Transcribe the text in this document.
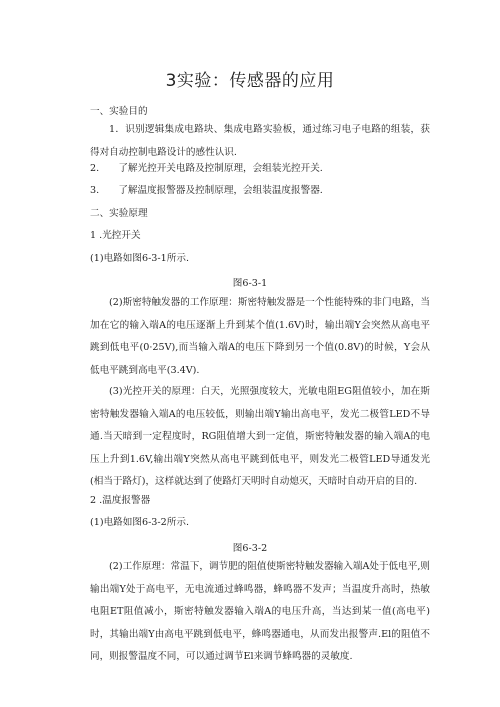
3实验：传感器的应用
一、实验目的
1．识别逻辑集成电路块、集成电路实验板，通过练习电子电路的组装，获得对自动控制电路设计的感性认识.
2.　　了解光控开关电路及控制原理，会组装光控开关.
3.　　了解温度报警器及控制原理，会组装温度报警器.
二、实验原理
1 .光控开关
(1)电路如图6-3-1所示.
图6-3-1
(2)斯密特触发器的工作原理：斯密特触发器是一个性能特殊的非门电路，当加在它的输入端A的电压逐渐上升到某个值(1.6V)时，输出端Y会突然从高电平跳到低电平(0·25V),而当输入端A的电压下降到另一个值(0.8V)的时候，Y会从低电平跳到高电平(3.4V).
(3)光控开关的原理：白天，光照强度较大，光敏电阻EG阻值较小，加在斯密特触发器输入端A的电压较低，则输出端Y输出高电平，发光二极管LED不导通.当天暗到一定程度时，RG阻值增大到一定值，斯密特触发器的输入端A的电压上升到1.6V,输出端Y突然从高电平跳到低电平，则发光二极管LED导通发光(相当于路灯)，这样就达到了使路灯天明时自动熄灭，天暗时自动开启的目的.
2 .温度报警器
(1)电路如图6-3-2所示.
图6-3-2
(2)工作原理：常温下，调节肥的阻值使斯密特触发器输入端A处于低电平,则输出端Y处于高电平，无电流通过蜂鸣器，蜂鸣器不发声；当温度升高时，热敏电阻ET阻值减小，斯密特触发器输入端A的电压升高，当达到某一值(高电平)时，其输出端Y由高电平跳到低电平，蜂鸣器通电，从而发出报警声.El的阻值不同，则报警温度不同，可以通过调节El来调节蜂鸣器的灵敏度.
